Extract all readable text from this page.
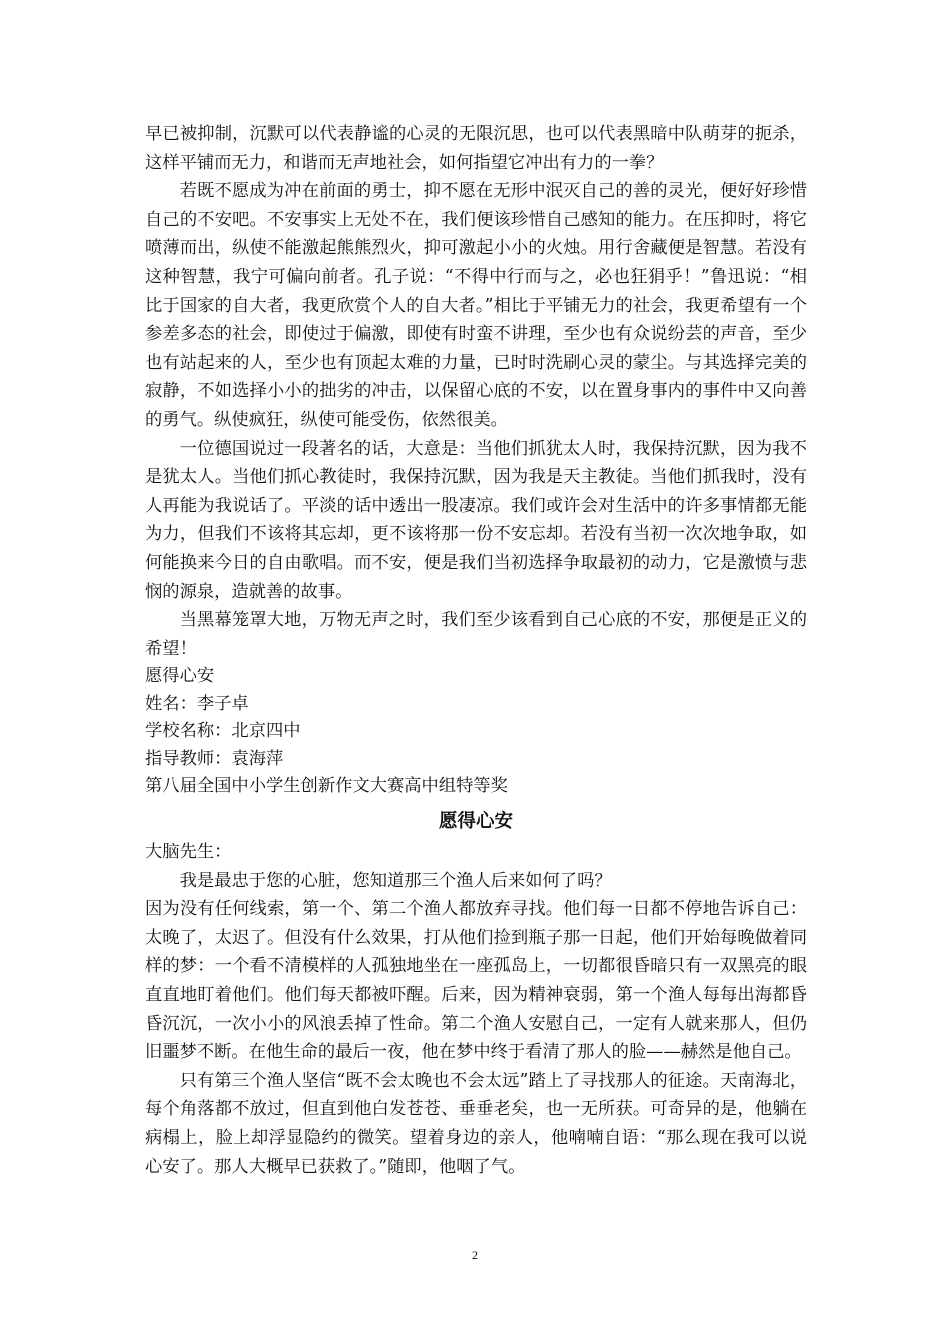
早已被抑制，沉默可以代表静谧的心灵的无限沉思，也可以代表黑暗中队萌芽的扼杀，这样平铺而无力，和谐而无声地社会，如何指望它冲出有力的一拳？

若既不愿成为冲在前面的勇士，抑不愿在无形中泯灭自己的善的灵光，便好好珍惜自己的不安吧。不安事实上无处不在，我们便该珍惜自己感知的能力。在压抑时，将它喷薄而出，纵使不能激起熊熊烈火，抑可激起小小的火烛。用行舍藏便是智慧。若没有这种智慧，我宁可偏向前者。孔子说：“不得中行而与之，必也狂狷乎！”鲁迅说：“相比于国家的自大者，我更欣赏个人的自大者。”相比于平铺无力的社会，我更希望有一个参差多态的社会，即使过于偏激，即使有时蛮不讲理，至少也有众说纷芸的声音，至少也有站起来的人，至少也有顶起太难的力量，已时时洗刷心灵的蒙尘。与其选择完美的寂静，不如选择小小的拙劣的冲击，以保留心底的不安，以在置身事内的事件中又向善的勇气。纵使疯狂，纵使可能受伤，依然很美。

一位德国说过一段著名的话，大意是：当他们抓犹太人时，我保持沉默，因为我不是犹太人。当他们抓心教徒时，我保持沉默，因为我是天主教徒。当他们抓我时，没有人再能为我说话了。平淡的话中透出一股凄凉。我们或许会对生活中的许多事情都无能为力，但我们不该将其忘却，更不该将那一份不安忘却。若没有当初一次次地争取，如何能换来今日的自由歌唱。而不安，便是我们当初选择争取最初的动力，它是激愤与悲悯的源泉，造就善的故事。

当黑幕笼罩大地，万物无声之时，我们至少该看到自己心底的不安，那便是正义的希望！

愿得心安
姓名：李子卓
学校名称：北京四中
指导教师：袁海萍
第八届全国中小学生创新作文大赛高中组特等奖
愿得心安

大脑先生：

我是最忠于您的心脏，您知道那三个渔人后来如何了吗？

因为没有任何线索，第一个、第二个渔人都放弃寻找。他们每一日都不停地告诉自己：太晚了，太迟了。但没有什么效果，打从他们捡到瓶子那一日起，他们开始每晚做着同样的梦：一个看不清模样的人孤独地坐在一座孤岛上，一切都很昏暗只有一双黑亮的眼直直地盯着他们。他们每天都被吓醒。后来，因为精神衰弱，第一个渔人每每出海都昏昏沉沉，一次小小的风浪丢掉了性命。第二个渔人安慰自己，一定有人就来那人，但仍旧噩梦不断。在他生命的最后一夜，他在梦中终于看清了那人的脸——赫然是他自己。

只有第三个渔人坚信“既不会太晚也不会太远”踏上了寻找那人的征途。天南海北，每个角落都不放过，但直到他白发苍苍、垂垂老矣，也一无所获。可奇异的是，他躺在病榻上，脸上却浮显隐约的微笑。望着身边的亲人，他喃喃自语：“那么现在我可以说心安了。那人大概早已获救了。”随即，他咽了气。

2
